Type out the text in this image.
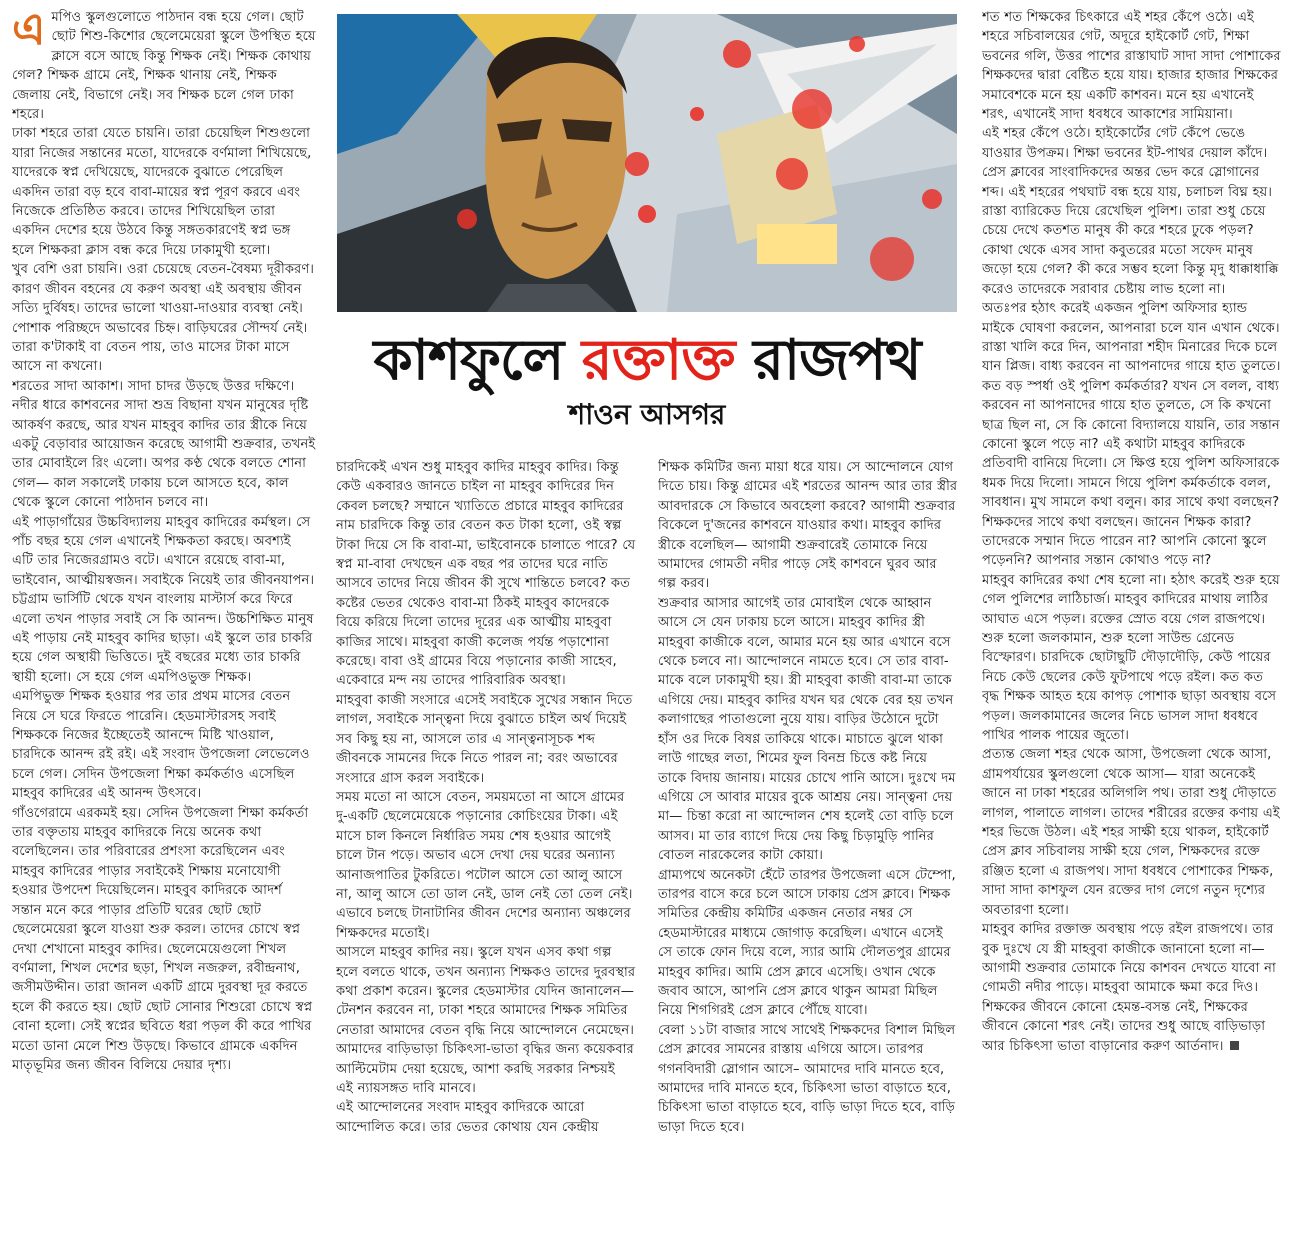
এমপিও স্কুলগুলোতে পাঠদান বন্ধ হয়ে গেল। ছোট ছোট শিশু-কিশোর ছেলেমেয়েরা স্কুলে উপস্থিত হয়ে ক্লাসে বসে আছে কিন্তু শিক্ষক নেই। শিক্ষক কোথায় গেল? শিক্ষক গ্রামে নেই, শিক্ষক থানায় নেই, শিক্ষক জেলায় নেই, বিভাগে নেই। সব শিক্ষক চলে গেল ঢাকা শহরে।

ঢাকা শহরে তারা যেতে চায়নি। তারা চেয়েছিল শিশুগুলো যারা নিজের সন্তানের মতো, যাদেরকে বর্ণমালা শিখিয়েছে, যাদেরকে স্বপ্ন দেখিয়েছে, যাদেরকে বুঝাতে পেরেছিল একদিন তারা বড় হবে বাবা-মায়ের স্বপ্ন পূরণ করবে এবং নিজেকে প্রতিষ্ঠিত করবে। তাদের শিখিয়েছিল তারা একদিন দেশের হয়ে উঠবে কিন্তু সঙ্গতকারণেই স্বপ্ন ভঙ্গ হলে শিক্ষকরা ক্লাস বন্ধ করে দিয়ে ঢাকামুখী হলো।

খুব বেশি ওরা চায়নি। ওরা চেয়েছে বেতন-বৈষম্য দূরীকরণ। কারণ জীবন বহনের যে করুণ অবস্থা এই অবস্থায় জীবন সত্যি দুর্বিষহ। তাদের ভালো খাওয়া-দাওয়ার ব্যবস্থা নেই। পোশাক পরিচ্ছদে অভাবের চিহ্ন। বাড়িঘরের সৌন্দর্য নেই। তারা ক'টাকাই বা বেতন পায়, তাও মাসের টাকা মাসে আসে না কখনো।

শরতের সাদা আকাশ। সাদা চাদর উড়ছে উত্তর দক্ষিণে। নদীর ধারে কাশবনের সাদা শুভ্র বিছানা যখন মানুষের দৃষ্টি আকর্ষণ করছে, আর যখন মাহবুব কাদির তার স্ত্রীকে নিয়ে একটু বেড়াবার আয়োজন করেছে আগামী শুক্রবার, তখনই তার মোবাইলে রিং এলো। অপর কণ্ঠ থেকে বলতে শোনা গেল— কাল সকালেই ঢাকায় চলে আসতে হবে, কাল থেকে স্কুলে কোনো পাঠদান চলবে না।

এই পাড়াগাঁয়ের উচ্চবিদ্যালয় মাহবুব কাদিরের কর্মস্থল। সে পাঁচ বছর হয়ে গেল এখানেই শিক্ষকতা করছে। অবশ্যই এটি তার নিজেরগ্রামও বটে। এখানে রয়েছে বাবা-মা, ভাইবোন, আত্মীয়স্বজন। সবাইকে নিয়েই তার জীবনযাপন। চট্টগ্রাম ভার্সিটি থেকে যখন বাংলায় মাস্টার্স করে ফিরে এলো তখন পাড়ার সবাই সে কি আনন্দ। উচ্চশিক্ষিত মানুষ এই পাড়ায় নেই মাহবুব কাদির ছাড়া। এই স্কুলে তার চাকরি হয়ে গেল অস্থায়ী ভিত্তিতে। দুই বছরের মধ্যে তার চাকরি স্থায়ী হলো। সে হয়ে গেল এমপিওভুক্ত শিক্ষক।

এমপিভুক্ত শিক্ষক হওয়ার পর তার প্রথম মাসের বেতন নিয়ে সে ঘরে ফিরতে পারেনি। হেডমাস্টারসহ সবাই শিক্ষককে নিজের ইচ্ছেতেই আনন্দে মিষ্টি খাওয়াল, চারদিকে আনন্দ রই রই। এই সংবাদ উপজেলা লেভেলেও চলে গেল। সেদিন উপজেলা শিক্ষা কর্মকর্তাও এসেছিল মাহবুব কাদিরের এই আনন্দ উৎসবে।

গাঁওগেরামে এরকমই হয়। সেদিন উপজেলা শিক্ষা কর্মকর্তা তার বক্তৃতায় মাহবুব কাদিরকে নিয়ে অনেক কথা বলেছিলেন। তার পরিবারের প্রশংসা করেছিলেন এবং মাহবুব কাদিরের পাড়ার সবাইকেই শিক্ষায় মনোযোগী হওয়ার উপদেশ দিয়েছিলেন। মাহবুব কাদিরকে আদর্শ সন্তান মনে করে পাড়ার প্রতিটি ঘরের ছোট ছোট ছেলেমেয়েরা স্কুলে যাওয়া শুরু করল। তাদের চোখে স্বপ্ন দেখা শেখানো মাহবুব কাদির। ছেলেমেয়েগুলো শিখল বর্ণমালা, শিখল দেশের ছড়া, শিখল নজরুল, রবীন্দ্রনাথ, জসীমউদ্দীন। তারা জানল একটি গ্রামে দুরবস্থা দূর করতে হলে কী করতে হয়। ছোট ছোট সোনার শিশুরো চোখে স্বপ্ন বোনা হলো। সেই স্বপ্নের ছবিতে ধরা পড়ল কী করে পাখির মতো ডানা মেলে শিশু উড়ছে। কিভাবে গ্রামকে একদিন মাতৃভূমির জন্য জীবন বিলিয়ে দেয়ার দৃশ্য।

কাশফুলে রক্তাক্ত রাজপথ
শাওন আসগর

চারদিকেই এখন শুধু মাহবুব কাদির মাহবুব কাদির। কিন্তু কেউ একবারও জানতে চাইল না মাহবুব কাদিরের দিন কেবল চলছে? সম্মানে খ্যাতিতে প্রচারে মাহবুব কাদিরের নাম চারদিকে কিন্তু তার বেতন কত টাকা হলো, ওই স্বল্প টাকা দিয়ে সে কি বাবা-মা, ভাইবোনকে চালাতে পারে? যে স্বপ্ন মা-বাবা দেখছেন এক বছর পর তাদের ঘরে নাতি আসবে তাদের নিয়ে জীবন কী সুখে শান্তিতে চলবে? কত কষ্টের ভেতর থেকেও বাবা-মা ঠিকই মাহবুব কাদেরকে বিয়ে করিয়ে দিলো তাদের দূরের এক আত্মীয় মাহবুবা কাজির সাথে। মাহবুবা কাজী কলেজ পর্যন্ত পড়াশোনা করেছে। বাবা ওই গ্রামের বিয়ে পড়ানোর কাজী সাহেব, একেবারে মন্দ নয় তাদের পারিবারিক অবস্থা।

মাহবুবা কাজী সংসারে এসেই সবাইকে সুখের সন্ধান দিতে লাগল, সবাইকে সান্ত্বনা দিয়ে বুঝাতে চাইল অর্থ দিয়েই সব কিছু হয় না, আসলে তার এ সান্ত্বনাসূচক শব্দ জীবনকে সামনের দিকে নিতে পারল না; বরং অভাবের সংসারে গ্রাস করল সবাইকে।

সময় মতো না আসে বেতন, সময়মতো না আসে গ্রামের দু-একটি ছেলেমেয়েকে পড়ানোর কোচিংয়ের টাকা। এই মাসে চাল কিনলে নির্ধারিত সময় শেষ হওয়ার আগেই চালে টান পড়ে। অভাব এসে দেখা দেয় ঘরের অন্যান্য আনাজপাতির টুকরিতে। পটোল আসে তো আলু আসে না, আলু আসে তো ডাল নেই, ডাল নেই তো তেল নেই। এভাবে চলছে টানাটানির জীবন দেশের অন্যান্য অঞ্চলের শিক্ষকদের মতোই।

আসলে মাহবুব কাদির নয়। স্কুলে যখন এসব কথা গল্প হলে বলতে থাকে, তখন অন্যান্য শিক্ষকও তাদের দুরবস্থার কথা প্রকাশ করেন। স্কুলের হেডমাস্টার যেদিন জানালেন— টেনশন করবেন না, ঢাকা শহরে আমাদের শিক্ষক সমিতির নেতারা আমাদের বেতন বৃদ্ধি নিয়ে আন্দোলনে নেমেছেন। আমাদের বাড়িভাড়া চিকিৎসা-ভাতা বৃদ্ধির জন্য কয়েকবার আল্টিমেটাম দেয়া হয়েছে, আশা করছি সরকার নিশ্চয়ই এই ন্যায়সঙ্গত দাবি মানবে।

এই আন্দোলনের সংবাদ মাহবুব কাদিরকে আরো আন্দোলিত করে। তার ভেতর কোথায় যেন কেন্দ্রীয়

শিক্ষক কমিটির জন্য মায়া ধরে যায়। সে আন্দোলনে যোগ দিতে চায়। কিন্তু গ্রামের এই শরতের আনন্দ আর তার স্ত্রীর আবদারকে সে কিভাবে অবহেলা করবে? আগামী শুক্রবার বিকেলে দু'জনের কাশবনে যাওয়ার কথা। মাহবুব কাদির স্ত্রীকে বলেছিল— আগামী শুক্রবারেই তোমাকে নিয়ে আমাদের গোমতী নদীর পাড়ে সেই কাশবনে ঘুরব আর গল্প করব।

শুক্রবার আসার আগেই তার মোবাইল থেকে আহ্বান আসে সে যেন ঢাকায় চলে আসে। মাহবুব কাদির স্ত্রী মাহবুবা কাজীকে বলে, আমার মনে হয় আর এখানে বসে থেকে চলবে না। আন্দোলনে নামতে হবে। সে তার বাবা-মাকে বলে ঢাকামুখী হয়। স্ত্রী মাহবুবা কাজী বাবা-মা তাকে এগিয়ে দেয়। মাহবুব কাদির যখন ঘর থেকে বের হয় তখন কলাগাছের পাতাগুলো নুয়ে যায়। বাড়ির উঠোনে দুটো হাঁস ওর দিকে বিষণ্ণ তাকিয়ে থাকে। মাচাতে ঝুলে থাকা লাউ গাছের লতা, শিমের ফুল বিনম্র চিত্তে কষ্ট নিয়ে তাকে বিদায় জানায়। মায়ের চোখে পানি আসে। দুঃখে দম এগিয়ে সে আবার মায়ের বুকে আশ্রয় নেয়। সান্ত্বনা দেয় মা— চিন্তা করো না আন্দোলন শেষ হলেই তো বাড়ি চলে আসব। মা তার ব্যাগে দিয়ে দেয় কিছু চিড়ামুড়ি পানির বোতল নারকেলের কাটা কোয়া।

গ্রাম্যপথে অনেকটা হেঁটে তারপর উপজেলা এসে টেম্পো, তারপর বাসে করে চলে আসে ঢাকায় প্রেস ক্লাবে। শিক্ষক সমিতির কেন্দ্রীয় কমিটির একজন নেতার নম্বর সে হেডমাস্টারের মাধ্যমে জোগাড় করেছিল। এখানে এসেই সে তাকে ফোন দিয়ে বলে, স্যার আমি দৌলতপুর গ্রামের মাহবুব কাদির। আমি প্রেস ক্লাবে এসেছি। ওখান থেকে জবাব আসে, আপনি প্রেস ক্লাবে থাকুন আমরা মিছিল নিয়ে শিগগিরই প্রেস ক্লাবে পৌঁছে যাবো।

বেলা ১১টা বাজার সাথে সাথেই শিক্ষকদের বিশাল মিছিল প্রেস ক্লাবের সামনের রাস্তায় এগিয়ে আসে। তারপর গগনবিদারী স্লোগান আসে– আমাদের দাবি মানতে হবে, আমাদের দাবি মানতে হবে, চিকিৎসা ভাতা বাড়াতে হবে, চিকিৎসা ভাতা বাড়াতে হবে, বাড়ি ভাড়া দিতে হবে, বাড়ি ভাড়া দিতে হবে।

শত শত শিক্ষকের চিৎকারে এই শহর কেঁপে ওঠে। এই শহরে সচিবালয়ের গেট, অদূরে হাইকোর্ট গেট, শিক্ষা ভবনের গলি, উত্তর পাশের রাস্তাঘাট সাদা সাদা পোশাকের শিক্ষকদের দ্বারা বেষ্টিত হয়ে যায়। হাজার হাজার শিক্ষকের সমাবেশকে মনে হয় একটি কাশবন। মনে হয় এখানেই শরৎ, এখানেই সাদা ধবধবে আকাশের সামিয়ানা।

এই শহর কেঁপে ওঠে। হাইকোর্টের গেট কেঁপে ভেঙে যাওয়ার উপক্রম। শিক্ষা ভবনের ইট-পাথর দেয়াল কাঁদে। প্রেস ক্লাবের সাংবাদিকদের অন্তর ভেদ করে স্লোগানের শব্দ। এই শহরের পথঘাট বন্ধ হয়ে যায়, চলাচল বিঘ্ন হয়। রাস্তা ব্যারিকেড দিয়ে রেখেছিল পুলিশ। তারা শুধু চেয়ে চেয়ে দেখে কতশত মানুষ কী করে শহরে ঢুকে পড়ল? কোথা থেকে এসব সাদা কবুতরের মতো সফেদ মানুষ জড়ো হয়ে গেল? কী করে সম্ভব হলো কিন্তু মৃদু ধাক্কাধাক্কি করেও তাদেরকে সরাবার চেষ্টায় লাভ হলো না।

অতঃপর হঠাৎ করেই একজন পুলিশ অফিসার হ্যান্ড মাইকে ঘোষণা করলেন, আপনারা চলে যান এখান থেকে। রাস্তা খালি করে দিন, আপনারা শহীদ মিনারের দিকে চলে যান প্লিজ। বাধ্য করবেন না আপনাদের গায়ে হাত তুলতে।

কত বড় স্পর্ধা ওই পুলিশ কর্মকর্তার? যখন সে বলল, বাধ্য করবেন না আপনাদের গায়ে হাত তুলতে, সে কি কখনো ছাত্র ছিল না, সে কি কোনো বিদ্যালয়ে যায়নি, তার সন্তান কোনো স্কুলে পড়ে না? এই কথাটা মাহবুব কাদিরকে প্রতিবাদী বানিয়ে দিলো। সে ক্ষিপ্ত হয়ে পুলিশ অফিসারকে ধমক দিয়ে দিলো। সামনে গিয়ে পুলিশ কর্মকর্তাকে বলল, সাবধান। মুখ সামলে কথা বলুন। কার সাথে কথা বলছেন? শিক্ষকদের সাথে কথা বলছেন। জানেন শিক্ষক কারা? তাদেরকে সম্মান দিতে পারেন না? আপনি কোনো স্কুলে পড়েননি? আপনার সন্তান কোথাও পড়ে না?

মাহবুব কাদিরের কথা শেষ হলো না। হঠাৎ করেই শুরু হয়ে গেল পুলিশের লাঠিচার্জ। মাহবুব কাদিরের মাথায় লাঠির আঘাত এসে পড়ল। রক্তের স্রোত বয়ে গেল রাজপথে। শুরু হলো জলকামান, শুরু হলো সাউন্ড গ্রেনেড বিস্ফোরণ। চারদিকে ছোটাছুটি দৌড়াদৌড়ি, কেউ পায়ের নিচে কেউ ছেলের কেউ ফুটপাথে পড়ে রইল। কত কত বৃদ্ধ শিক্ষক আহত হয়ে কাপড় পোশাক ছাড়া অবস্থায় বসে পড়ল। জলকামানের জলের নিচে ভাসল সাদা ধবধবে পাখির পালক পায়ের জুতো।

প্রত্যন্ত জেলা শহর থেকে আসা, উপজেলা থেকে আসা, গ্রামপর্যায়ের স্কুলগুলো থেকে আসা— যারা অনেকেই জানে না ঢাকা শহরের অলিগলি পথ। তারা শুধু দৌড়াতে লাগল, পালাতে লাগল। তাদের শরীরের রক্তের কণায় এই শহর ভিজে উঠল। এই শহর সাক্ষী হয়ে থাকল, হাইকোর্ট প্রেস ক্লাব সচিবালয় সাক্ষী হয়ে গেল, শিক্ষকদের রক্তে রঞ্জিত হলো এ রাজপথ। সাদা ধবধবে পোশাকের শিক্ষক, সাদা সাদা কাশফুল যেন রক্তের দাগ লেগে নতুন দৃশ্যের অবতারণা হলো।

মাহবুব কাদির রক্তাক্ত অবস্থায় পড়ে রইল রাজপথে। তার বুক দুঃখে যে স্ত্রী মাহবুবা কাজীকে জানানো হলো না— আগামী শুক্রবার তোমাকে নিয়ে কাশবন দেখতে যাবো না গোমতী নদীর পাড়ে। মাহবুবা আমাকে ক্ষমা করে দিও। শিক্ষকের জীবনে কোনো হেমন্ত-বসন্ত নেই, শিক্ষকের জীবনে কোনো শরৎ নেই। তাদের শুধু আছে বাড়িভাড়া আর চিকিৎসা ভাতা বাড়ানোর করুণ আর্তনাদ।
